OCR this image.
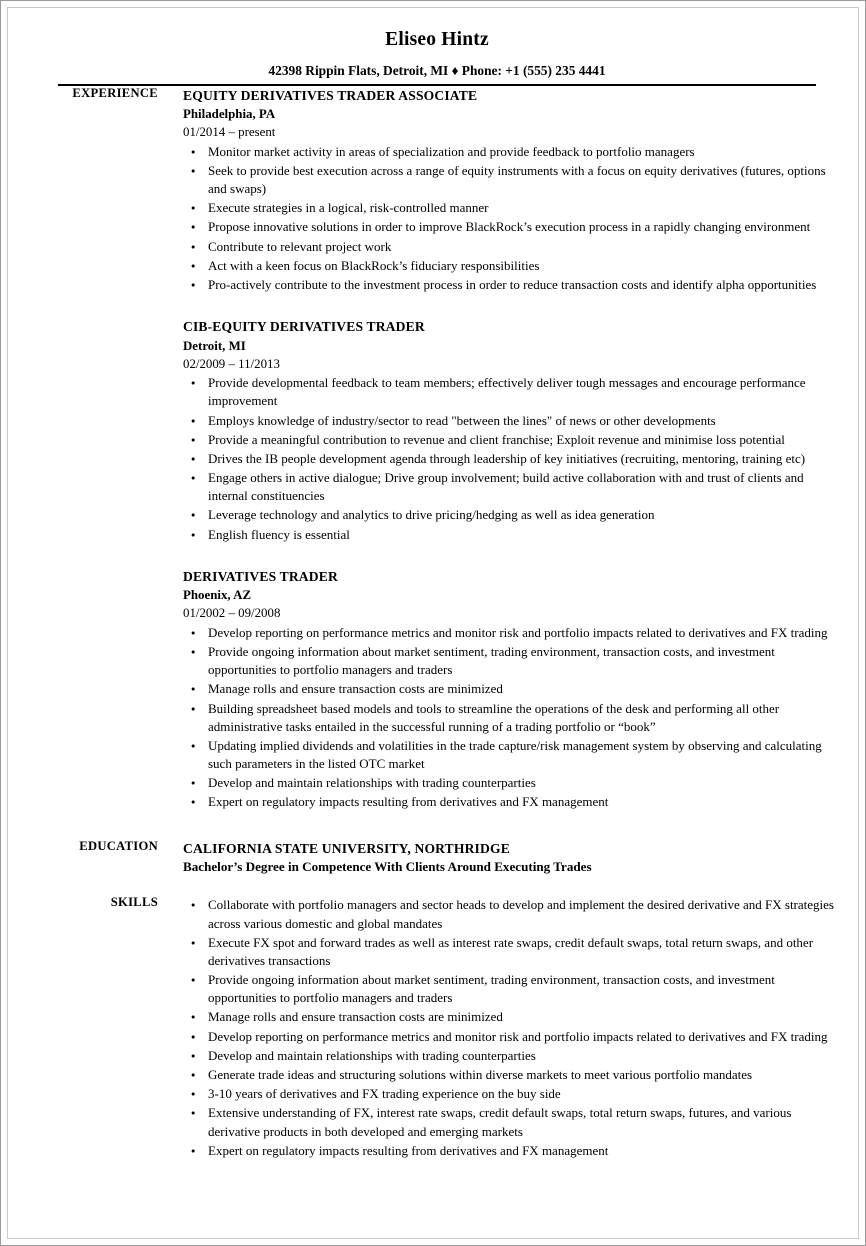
Eliseo Hintz
42398 Rippin Flats, Detroit, MI ♦ Phone: +1 (555) 235 4441
EXPERIENCE EQUITY DERIVATIVES TRADER ASSOCIATE
Philadelphia, PA
01/2014 – present
● Monitor market activity in areas of specialization and provide feedback to portfolio managers
● Seek to provide best execution across a range of equity instruments with a focus on equity derivatives (futures, options and swaps)
● Execute strategies in a logical, risk-controlled manner
● Propose innovative solutions in order to improve BlackRock’s execution process in a rapidly changing environment
● Contribute to relevant project work
● Act with a keen focus on BlackRock’s fiduciary responsibilities
● Pro-actively contribute to the investment process in order to reduce transaction costs and identify alpha opportunities
CIB-EQUITY DERIVATIVES TRADER
Detroit, MI
02/2009 – 11/2013
● Provide developmental feedback to team members; effectively deliver tough messages and encourage performance improvement
● Employs knowledge of industry/sector to read "between the lines" of news or other developments
● Provide a meaningful contribution to revenue and client franchise; Exploit revenue and minimise loss potential
● Drives the IB people development agenda through leadership of key initiatives (recruiting, mentoring, training etc)
● Engage others in active dialogue; Drive group involvement; build active collaboration with and trust of clients and internal constituencies
● Leverage technology and analytics to drive pricing/hedging as well as idea generation
● English fluency is essential
DERIVATIVES TRADER
Phoenix, AZ
01/2002 – 09/2008
● Develop reporting on performance metrics and monitor risk and portfolio impacts related to derivatives and FX trading
● Provide ongoing information about market sentiment, trading environment, transaction costs, and investment opportunities to portfolio managers and traders
● Manage rolls and ensure transaction costs are minimized
● Building spreadsheet based models and tools to streamline the operations of the desk and performing all other administrative tasks entailed in the successful running of a trading portfolio or “book”
● Updating implied dividends and volatilities in the trade capture/risk management system by observing and calculating such parameters in the listed OTC market
● Develop and maintain relationships with trading counterparties
● Expert on regulatory impacts resulting from derivatives and FX management
EDUCATION CALIFORNIA STATE UNIVERSITY, NORTHRIDGE
Bachelor’s Degree in Competence With Clients Around Executing Trades
SKILLS	● Collaborate with portfolio managers and sector heads to develop and implement the desired derivative and FX strategies across various domestic and global mandates
● Execute FX spot and forward trades as well as interest rate swaps, credit default swaps, total return swaps, and other derivatives transactions
● Provide ongoing information about market sentiment, trading environment, transaction costs, and investment opportunities to portfolio managers and traders
● Manage rolls and ensure transaction costs are minimized
● Develop reporting on performance metrics and monitor risk and portfolio impacts related to derivatives and FX trading
● Develop and maintain relationships with trading counterparties
● Generate trade ideas and structuring solutions within diverse markets to meet various portfolio mandates
● 3-10 years of derivatives and FX trading experience on the buy side
● Extensive understanding of FX, interest rate swaps, credit default swaps, total return swaps, futures, and various derivative products in both developed and emerging markets
● Expert on regulatory impacts resulting from derivatives and FX management
